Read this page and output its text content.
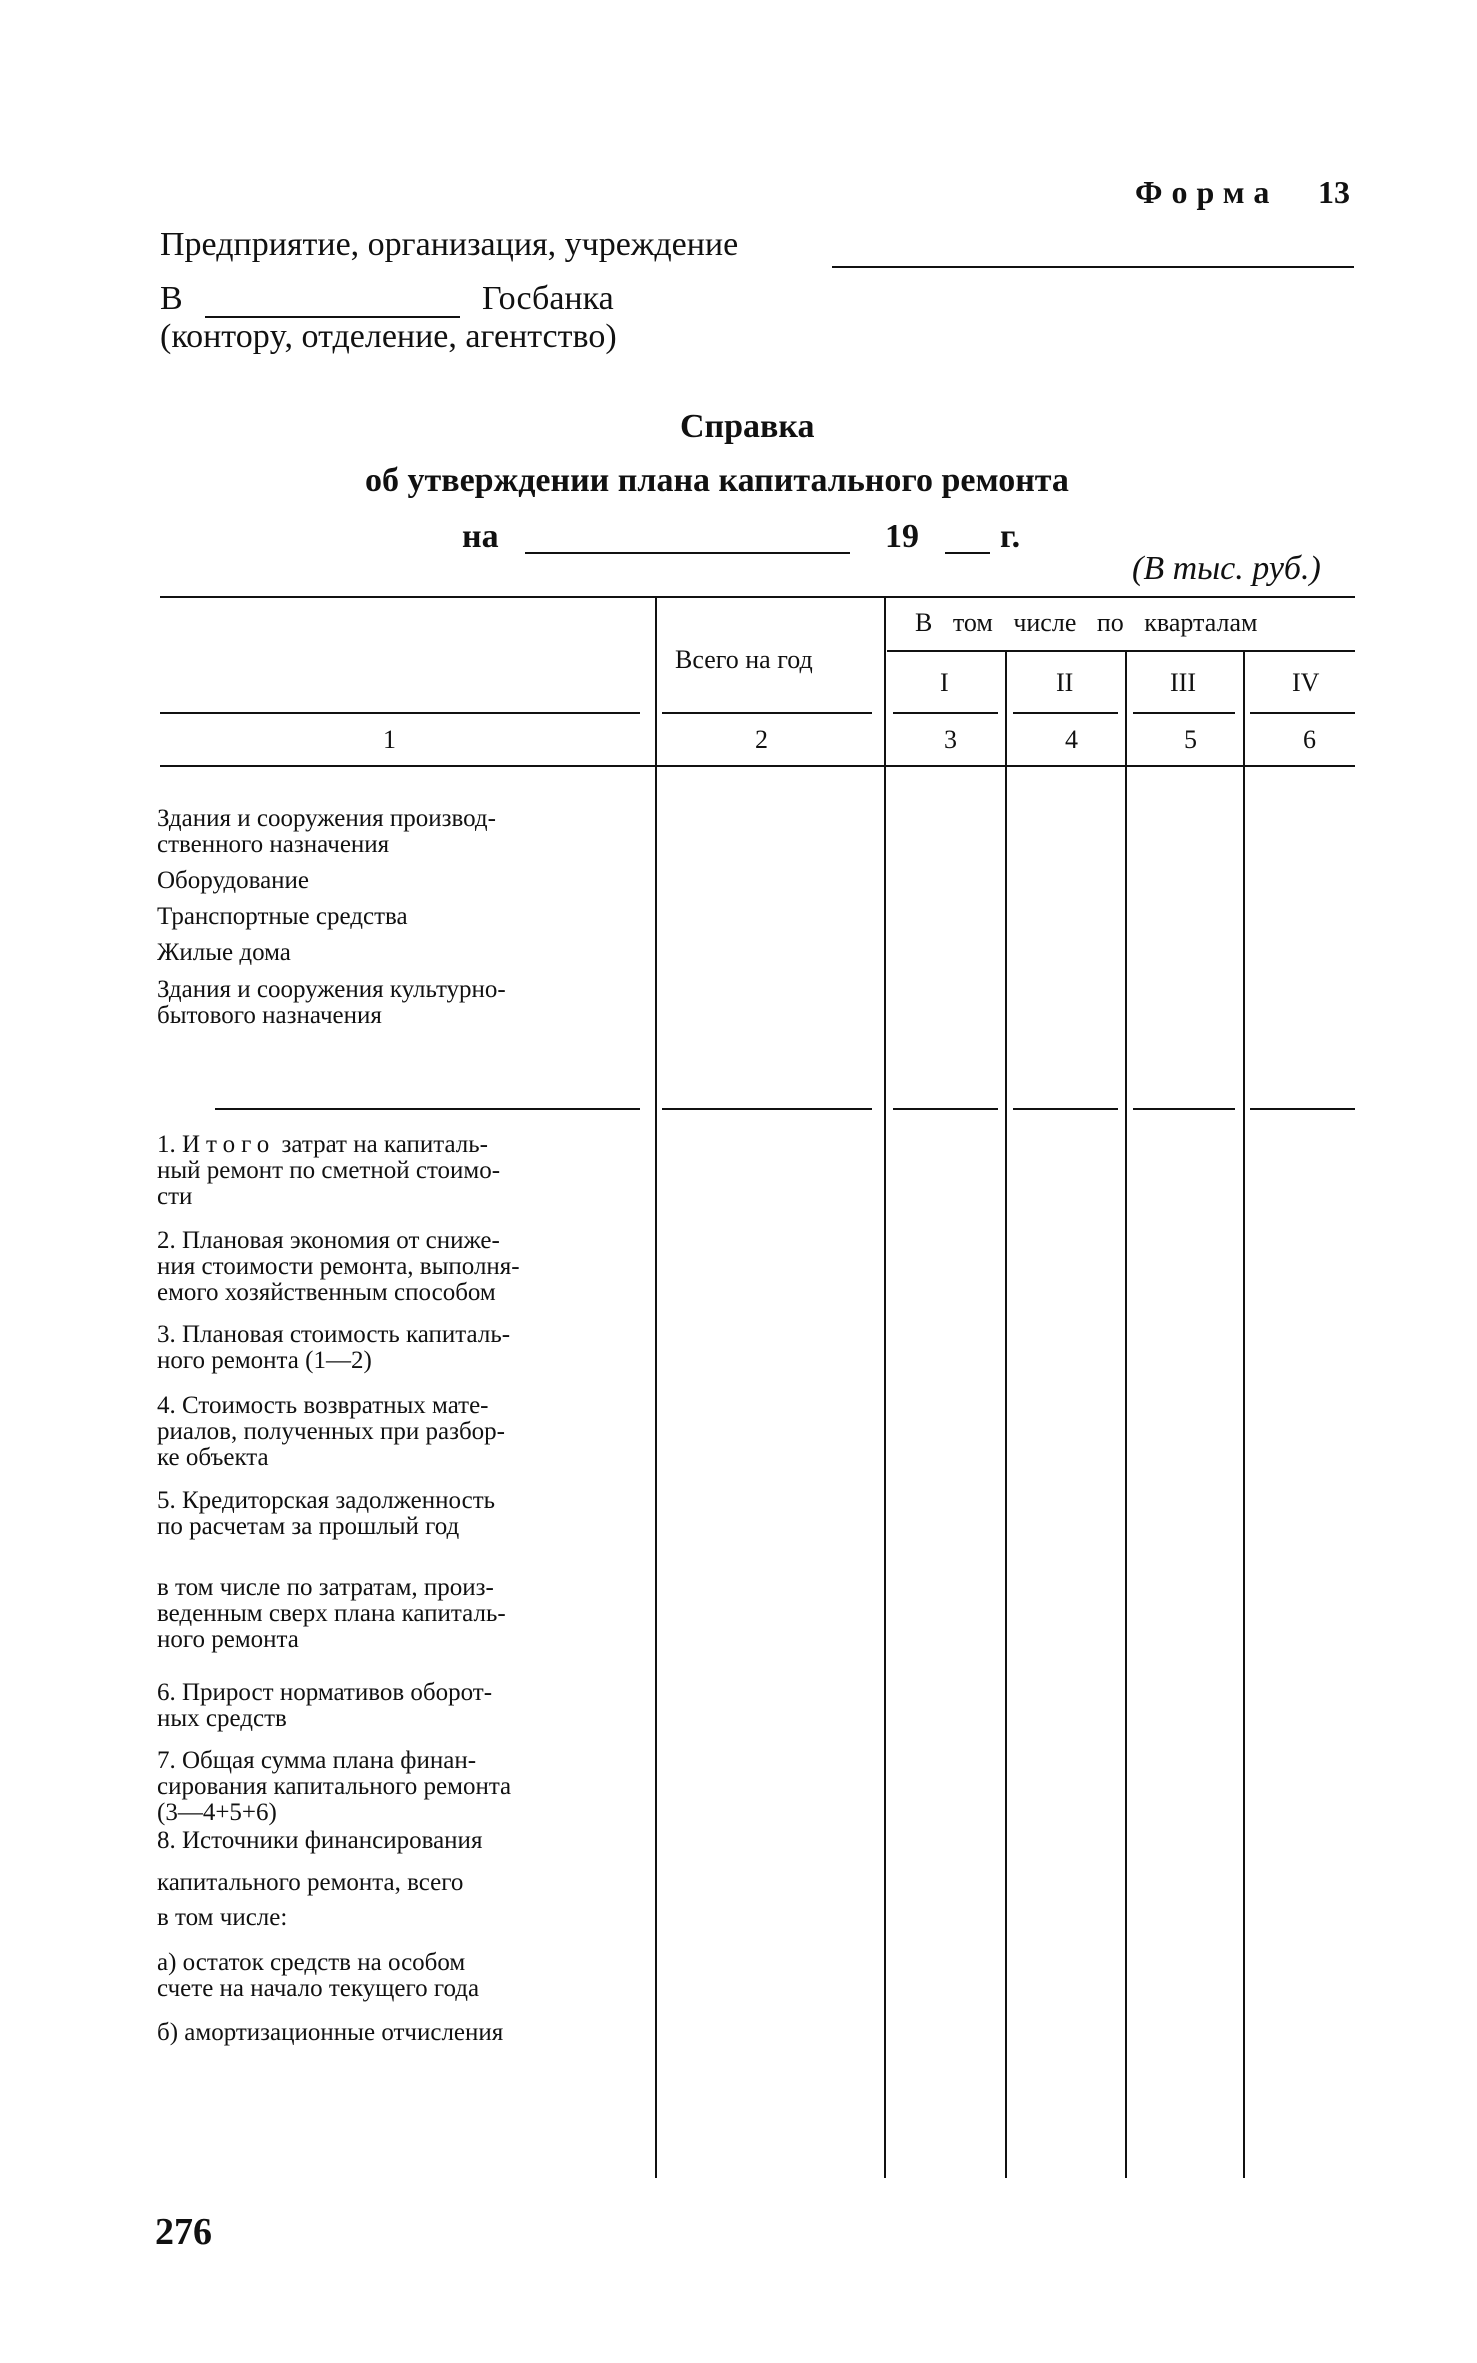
Форма 13
Предприятие, организация, учреждение
В	Госбанка
(конторy, отделение, агентство)
Справка
об утверждении плана капитального ремонта
на	19 г.
(В тыс. руб.)
Всего на год
В том числе по кварталам
I	II	III	IV
1	2	3	4	5	6
Здания и сооружения производ-
ственного назначения
Оборудование
Транспортные средства
Жилые дома
Здания и сооружения культурно-
бытового назначения
1. Итого затрат на капиталь-
ный ремонт по сметной стоимо-
сти
2. Плановая экономия от сниже-
ния стоимости ремонта, выполня-
емого хозяйственным способом
3. Плановая стоимость капиталь-
ного ремонта (1—2)
4. Стоимость возвратных мате-
риалов, полученных при разбор-
ке объекта
5. Кредиторская задолженность
по расчетам за прошлый год
в том числе по затратам, произ-
веденным сверх плана капиталь-
ного ремонта
6. Прирост нормативов оборот-
ных средств
7. Общая сумма плана финан-
сирования капитального ремонта
(3—4+5+6)
8. Источники финансирования
капитального ремонта, всего
в том числе:
а) остаток средств на особом
счете на начало текущего года
б) амортизационные отчисления
276
